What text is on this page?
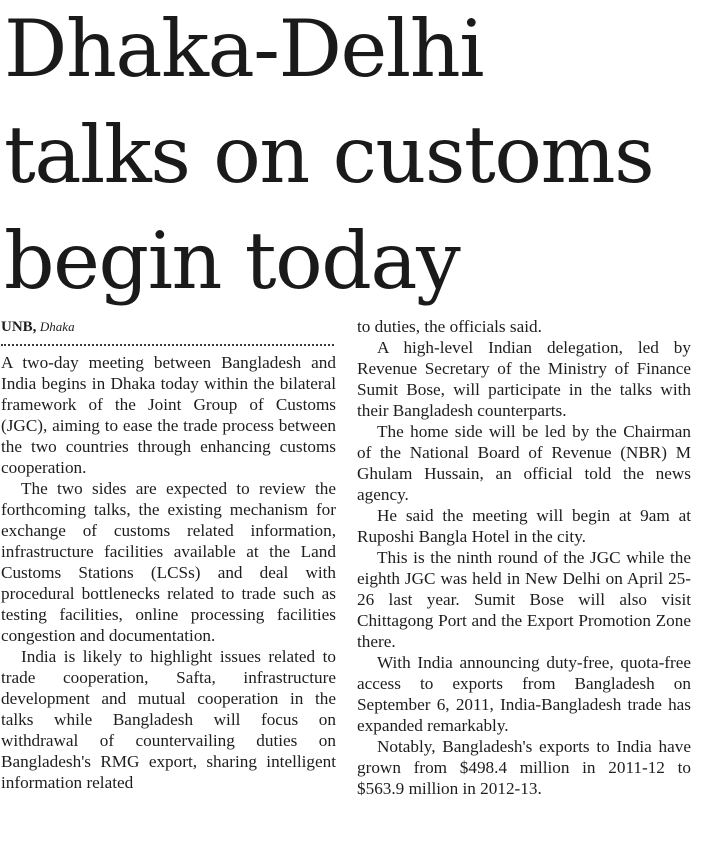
Dhaka-Delhi
talks on customs
begin today
UNB, Dhaka

A two-day meeting between Bangladesh and India begins in Dhaka today within the bilateral framework of the Joint Group of Customs (JGC), aiming to ease the trade process between the two countries through enhancing customs cooperation.

The two sides are expected to review the forthcoming talks, the existing mechanism for exchange of customs related information, infrastructure facilities available at the Land Customs Stations (LCSs) and deal with procedural bottlenecks related to trade such as testing facilities, online processing facilities congestion and documentation.

India is likely to highlight issues related to trade cooperation, Safta, infrastructure development and mutual cooperation in the talks while Bangladesh will focus on withdrawal of countervailing duties on Bangladesh's RMG export, sharing intelligent information related

to duties, the officials said.

A high-level Indian delegation, led by Revenue Secretary of the Ministry of Finance Sumit Bose, will participate in the talks with their Bangladesh counterparts.

The home side will be led by the Chairman of the National Board of Revenue (NBR) M Ghulam Hussain, an official told the news agency.

He said the meeting will begin at 9am at Ruposhi Bangla Hotel in the city.

This is the ninth round of the JGC while the eighth JGC was held in New Delhi on April 25-26 last year. Sumit Bose will also visit Chittagong Port and the Export Promotion Zone there.

With India announcing duty-free, quota-free access to exports from Bangladesh on September 6, 2011, India-Bangladesh trade has expanded remarkably.

Notably, Bangladesh's exports to India have grown from $498.4 million in 2011-12 to $563.9 million in 2012-13.
